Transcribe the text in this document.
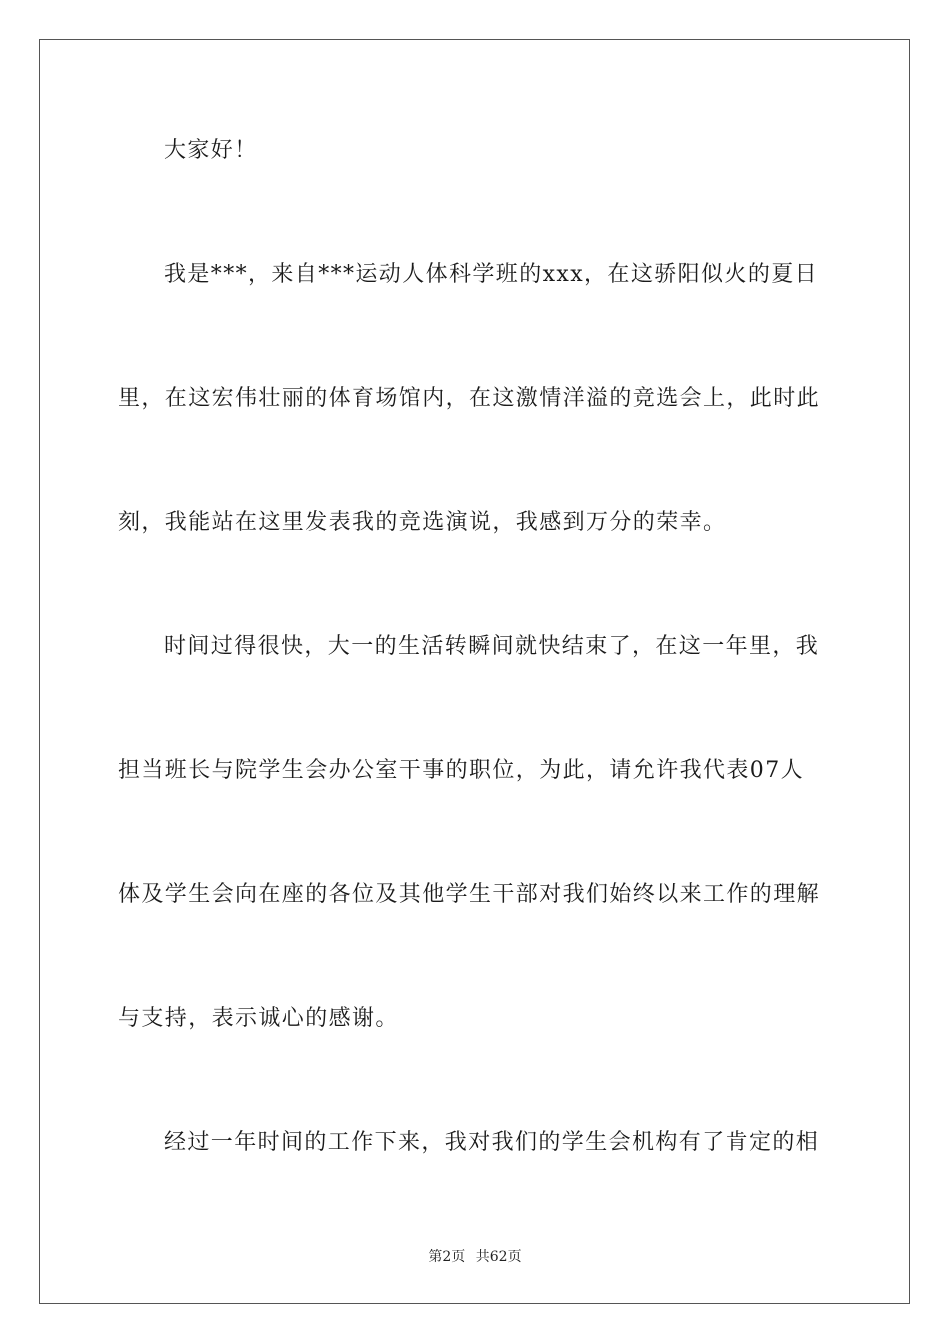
大家好！
我是***，来自***运动人体科学班的xxx，在这骄阳似火的夏日
里，在这宏伟壮丽的体育场馆内，在这激情洋溢的竞选会上，此时此
刻，我能站在这里发表我的竞选演说，我感到万分的荣幸。
时间过得很快，大一的生活转瞬间就快结束了，在这一年里，我
担当班长与院学生会办公室干事的职位，为此，请允许我代表07人
体及学生会向在座的各位及其他学生干部对我们始终以来工作的理解
与支持，表示诚心的感谢。
经过一年时间的工作下来，我对我们的学生会机构有了肯定的相
第2页 共62页
